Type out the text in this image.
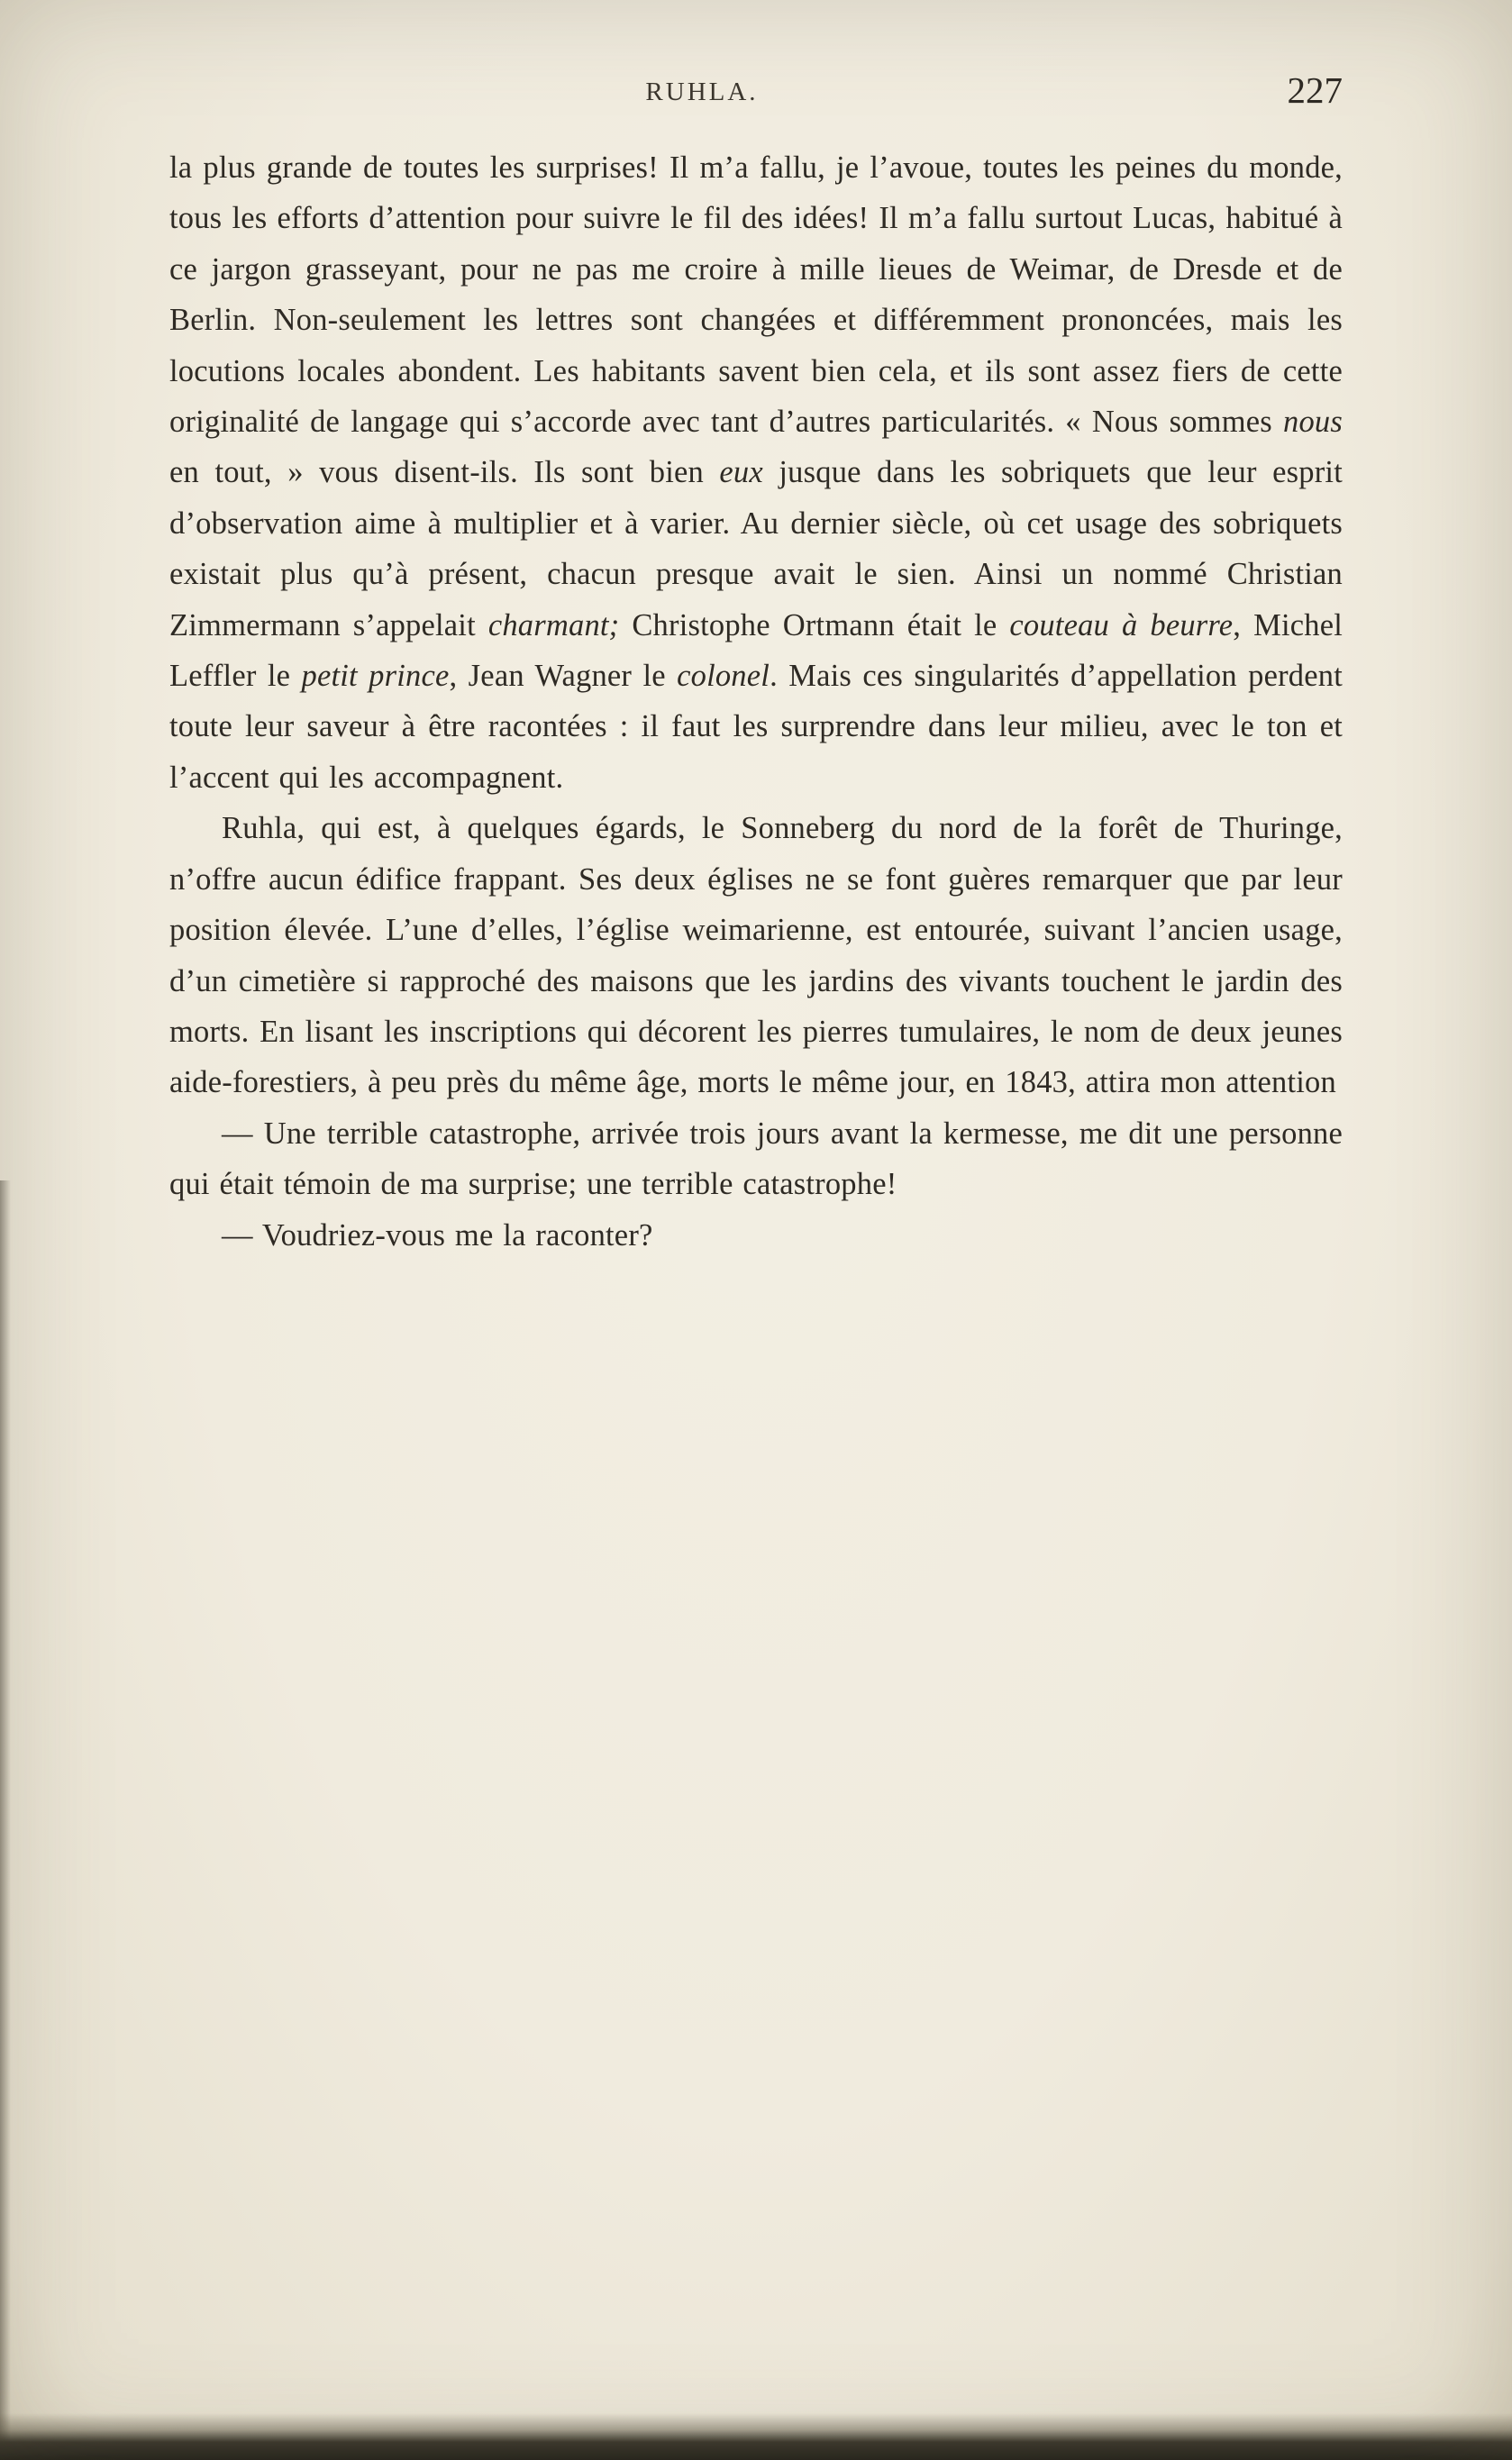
RUHLA.	227

la plus grande de toutes les surprises! Il m’a fallu, je l’avoue, toutes les peines du monde, tous les efforts d’attention pour suivre le fil des idées! Il m’a fallu surtout Lucas, habitué à ce jargon grasseyant, pour ne pas me croire à mille lieues de Weimar, de Dresde et de Berlin. Non-seulement les lettres sont changées et différemment prononcées, mais les locutions locales abondent. Les habitants savent bien cela, et ils sont assez fiers de cette originalité de langage qui s’accorde avec tant d’autres particularités. « Nous sommes nous en tout, » vous disent-ils. Ils sont bien eux jusque dans les sobriquets que leur esprit d’observation aime à multiplier et à varier. Au dernier siècle, où cet usage des sobriquets existait plus qu’à présent, chacun presque avait le sien. Ainsi un nommé Christian Zimmermann s’appelait charmant; Christophe Ortmann était le couteau à beurre, Michel Leffler le petit prince, Jean Wagner le colonel. Mais ces singularités d’appellation perdent toute leur saveur à être racontées : il faut les surprendre dans leur milieu, avec le ton et l’accent qui les accompagnent.

Ruhla, qui est, à quelques égards, le Sonneberg du nord de la forêt de Thuringe, n’offre aucun édifice frappant. Ses deux églises ne se font guères remarquer que par leur position élevée. L’une d’elles, l’église weimarienne, est entourée, suivant l’ancien usage, d’un cimetière si rapproché des maisons que les jardins des vivants touchent le jardin des morts. En lisant les inscriptions qui décorent les pierres tumulaires, le nom de deux jeunes aide-forestiers, à peu près du même âge, morts le même jour, en 1843, attira mon attention

— Une terrible catastrophe, arrivée trois jours avant la kermesse, me dit une personne qui était témoin de ma surprise; une terrible catastrophe!

— Voudriez-vous me la raconter?
